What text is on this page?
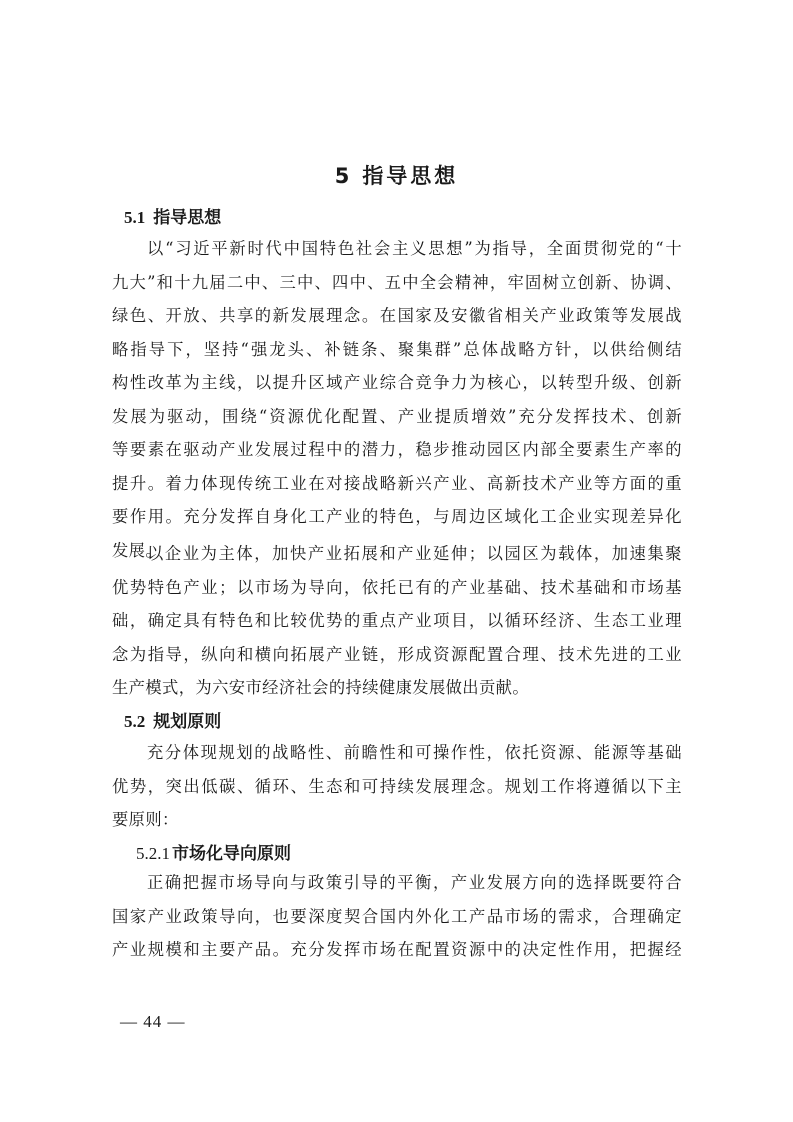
5 指导思想
5.1 指导思想
以“习近平新时代中国特色社会主义思想”为指导，全面贯彻党的“十
九大”和十九届二中、三中、四中、五中全会精神，牢固树立创新、协调、
绿色、开放、共享的新发展理念。在国家及安徽省相关产业政策等发展战
略指导下，坚持“强龙头、补链条、聚集群”总体战略方针，以供给侧结
构性改革为主线，以提升区域产业综合竞争力为核心，以转型升级、创新
发展为驱动，围绕“资源优化配置、产业提质增效”充分发挥技术、创新
等要素在驱动产业发展过程中的潜力，稳步推动园区内部全要素生产率的
提升。着力体现传统工业在对接战略新兴产业、高新技术产业等方面的重
要作用。充分发挥自身化工产业的特色，与周边区域化工企业实现差异化
发展。
以企业为主体，加快产业拓展和产业延伸；以园区为载体，加速集聚
优势特色产业；以市场为导向，依托已有的产业基础、技术基础和市场基
础，确定具有特色和比较优势的重点产业项目，以循环经济、生态工业理
念为指导，纵向和横向拓展产业链，形成资源配置合理、技术先进的工业
生产模式，为六安市经济社会的持续健康发展做出贡献。
5.2 规划原则
充分体现规划的战略性、前瞻性和可操作性，依托资源、能源等基础
优势，突出低碳、循环、生态和可持续发展理念。规划工作将遵循以下主
要原则：
5.2.1 市场化导向原则
正确把握市场导向与政策引导的平衡，产业发展方向的选择既要符合
国家产业政策导向，也要深度契合国内外化工产品市场的需求，合理确定
产业规模和主要产品。充分发挥市场在配置资源中的决定性作用，把握经
— 44 —
